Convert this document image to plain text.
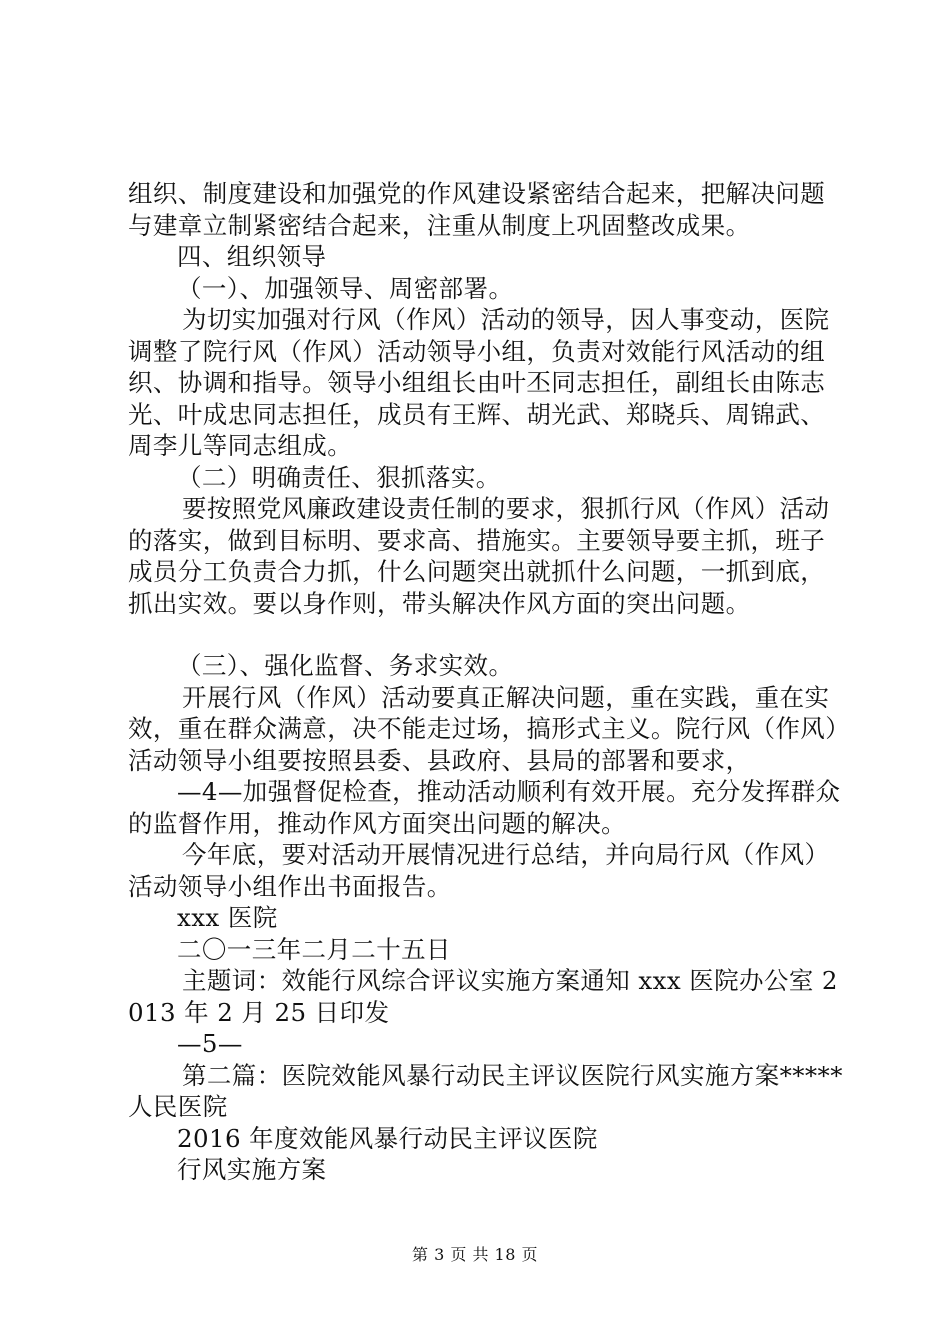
组织、制度建设和加强党的作风建设紧密结合起来，把解决问题与建章立制紧密结合起来，注重从制度上巩固整改成果。

四、组织领导

（一）、加强领导、周密部署。

为切实加强对行风（作风）活动的领导，因人事变动，医院调整了院行风（作风）活动领导小组，负责对效能行风活动的组织、协调和指导。领导小组组长由叶丕同志担任，副组长由陈志光、叶成忠同志担任，成员有王辉、胡光武、郑晓兵、周锦武、周李儿等同志组成。

（二）明确责任、狠抓落实。

要按照党风廉政建设责任制的要求，狠抓行风（作风）活动的落实，做到目标明、要求高、措施实。主要领导要主抓，班子成员分工负责合力抓，什么问题突出就抓什么问题，一抓到底，抓出实效。要以身作则，带头解决作风方面的突出问题。

（三）、强化监督、务求实效。

开展行风（作风）活动要真正解决问题，重在实践，重在实效，重在群众满意，决不能走过场，搞形式主义。院行风（作风）活动领导小组要按照县委、县政府、县局的部署和要求，

—4—加强督促检查，推动活动顺利有效开展。充分发挥群众的监督作用，推动作风方面突出问题的解决。

今年底，要对活动开展情况进行总结，并向局行风（作风）活动领导小组作出书面报告。

xxx 医院

二〇一三年二月二十五日

主题词：效能行风综合评议实施方案通知 xxx 医院办公室 2013 年 2 月 25 日印发

—5—

第二篇：医院效能风暴行动民主评议医院行风实施方案*****人民医院

2016 年度效能风暴行动民主评议医院

行风实施方案

第 3 页 共 18 页
